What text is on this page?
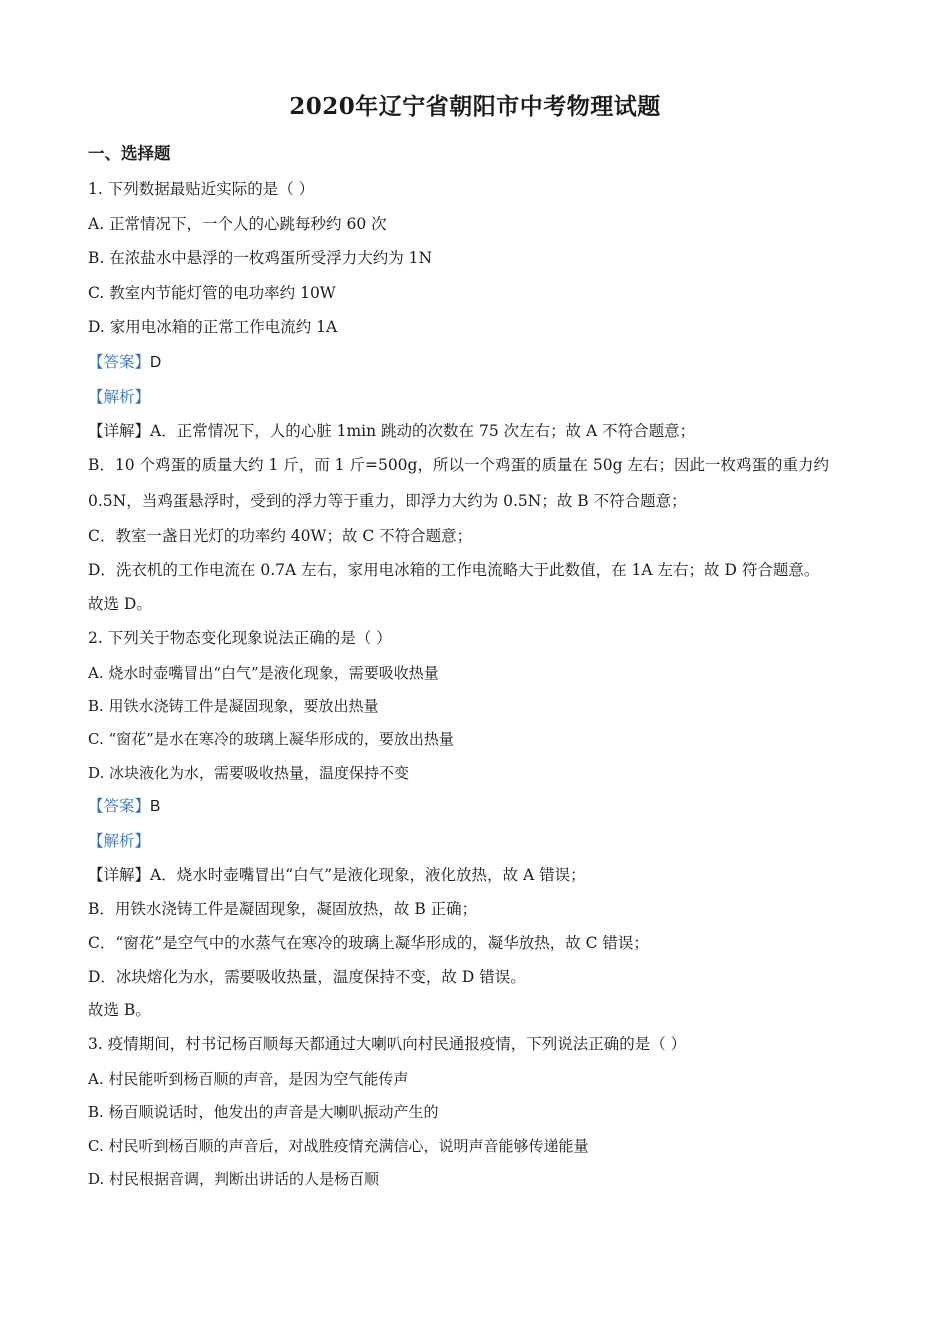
2020年辽宁省朝阳市中考物理试题
一、选择题
1. 下列数据最贴近实际的是（ ）
A. 正常情况下，一个人的心跳每秒约 60 次
B. 在浓盐水中悬浮的一枚鸡蛋所受浮力大约为 1N
C. 教室内节能灯管的电功率约 10W
D. 家用电冰箱的正常工作电流约 1A
【答案】D
【解析】
【详解】A．正常情况下，人的心脏 1min 跳动的次数在 75 次左右；故 A 不符合题意；
B．10 个鸡蛋的质量大约 1 斤，而 1 斤=500g，所以一个鸡蛋的质量在 50g 左右；因此一枚鸡蛋的重力约
0.5N，当鸡蛋悬浮时，受到的浮力等于重力，即浮力大约为 0.5N；故 B 不符合题意；
C．教室一盏日光灯的功率约 40W；故 C 不符合题意；
D．洗衣机的工作电流在 0.7A 左右，家用电冰箱的工作电流略大于此数值，在 1A 左右；故 D 符合题意。
故选 D。
2. 下列关于物态变化现象说法正确的是（ ）
A. 烧水时壶嘴冒出“白气”是液化现象，需要吸收热量
B. 用铁水浇铸工件是凝固现象，要放出热量
C. “窗花”是水在寒冷的玻璃上凝华形成的，要放出热量
D. 冰块液化为水，需要吸收热量，温度保持不变
【答案】B
【解析】
【详解】A．烧水时壶嘴冒出“白气”是液化现象，液化放热，故 A 错误；
B．用铁水浇铸工件是凝固现象，凝固放热，故 B 正确；
C．“窗花”是空气中的水蒸气在寒冷的玻璃上凝华形成的，凝华放热，故 C 错误；
D．冰块熔化为水，需要吸收热量，温度保持不变，故 D 错误。
故选 B。
3. 疫情期间，村书记杨百顺每天都通过大喇叭向村民通报疫情，下列说法正确的是（ ）
A. 村民能听到杨百顺的声音，是因为空气能传声
B. 杨百顺说话时，他发出的声音是大喇叭振动产生的
C. 村民听到杨百顺的声音后，对战胜疫情充满信心，说明声音能够传递能量
D. 村民根据音调，判断出讲话的人是杨百顺
